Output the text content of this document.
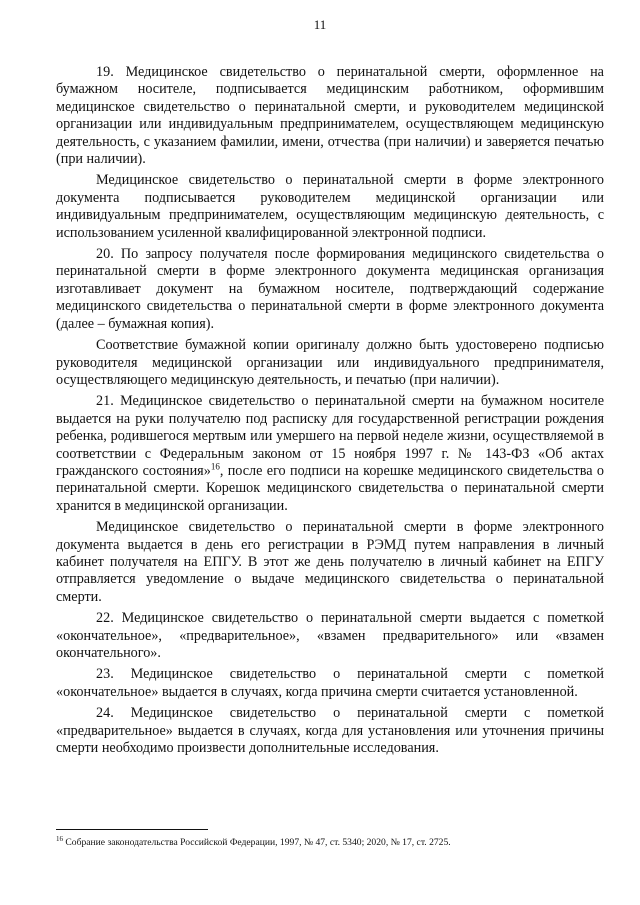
11

19. Медицинское свидетельство о перинатальной смерти, оформленное на бумажном носителе, подписывается медицинским работником, оформившим медицинское свидетельство о перинатальной смерти, и руководителем медицинской организации или индивидуальным предпринимателем, осуществляющем медицинскую деятельность, с указанием фамилии, имени, отчества (при наличии) и заверяется печатью (при наличии).

Медицинское свидетельство о перинатальной смерти в форме электронного документа подписывается руководителем медицинской организации или индивидуальным предпринимателем, осуществляющим медицинскую деятельность, с использованием усиленной квалифицированной электронной подписи.

20. По запросу получателя после формирования медицинского свидетельства о перинатальной смерти в форме электронного документа медицинская организация изготавливает документ на бумажном носителе, подтверждающий содержание медицинского свидетельства о перинатальной смерти в форме электронного документа (далее – бумажная копия).

Соответствие бумажной копии оригиналу должно быть удостоверено подписью руководителя медицинской организации или индивидуального предпринимателя, осуществляющего медицинскую деятельность, и печатью (при наличии).

21. Медицинское свидетельство о перинатальной смерти на бумажном носителе выдается на руки получателю под расписку для государственной регистрации рождения ребенка, родившегося мертвым или умершего на первой неделе жизни, осуществляемой в соответствии с Федеральным законом от 15 ноября 1997 г. № 143-ФЗ «Об актах гражданского состояния»$^{16}$, после его подписи на корешке медицинского свидетельства о перинатальной смерти. Корешок медицинского свидетельства о перинатальной смерти хранится в медицинской организации.

Медицинское свидетельство о перинатальной смерти в форме электронного документа выдается в день его регистрации в РЭМД путем направления в личный кабинет получателя на ЕПГУ. В этот же день получателю в личный кабинет на ЕПГУ отправляется уведомление о выдаче медицинского свидетельства о перинатальной смерти.

22. Медицинское свидетельство о перинатальной смерти выдается с пометкой «окончательное», «предварительное», «взамен предварительного» или «взамен окончательного».

23. Медицинское свидетельство о перинатальной смерти с пометкой «окончательное» выдается в случаях, когда причина смерти считается установленной.

24. Медицинское свидетельство о перинатальной смерти с пометкой «предварительное» выдается в случаях, когда для установления или уточнения причины смерти необходимо произвести дополнительные исследования.

$^{16}$ Собрание законодательства Российской Федерации, 1997, № 47, ст. 5340; 2020, № 17, ст. 2725.
